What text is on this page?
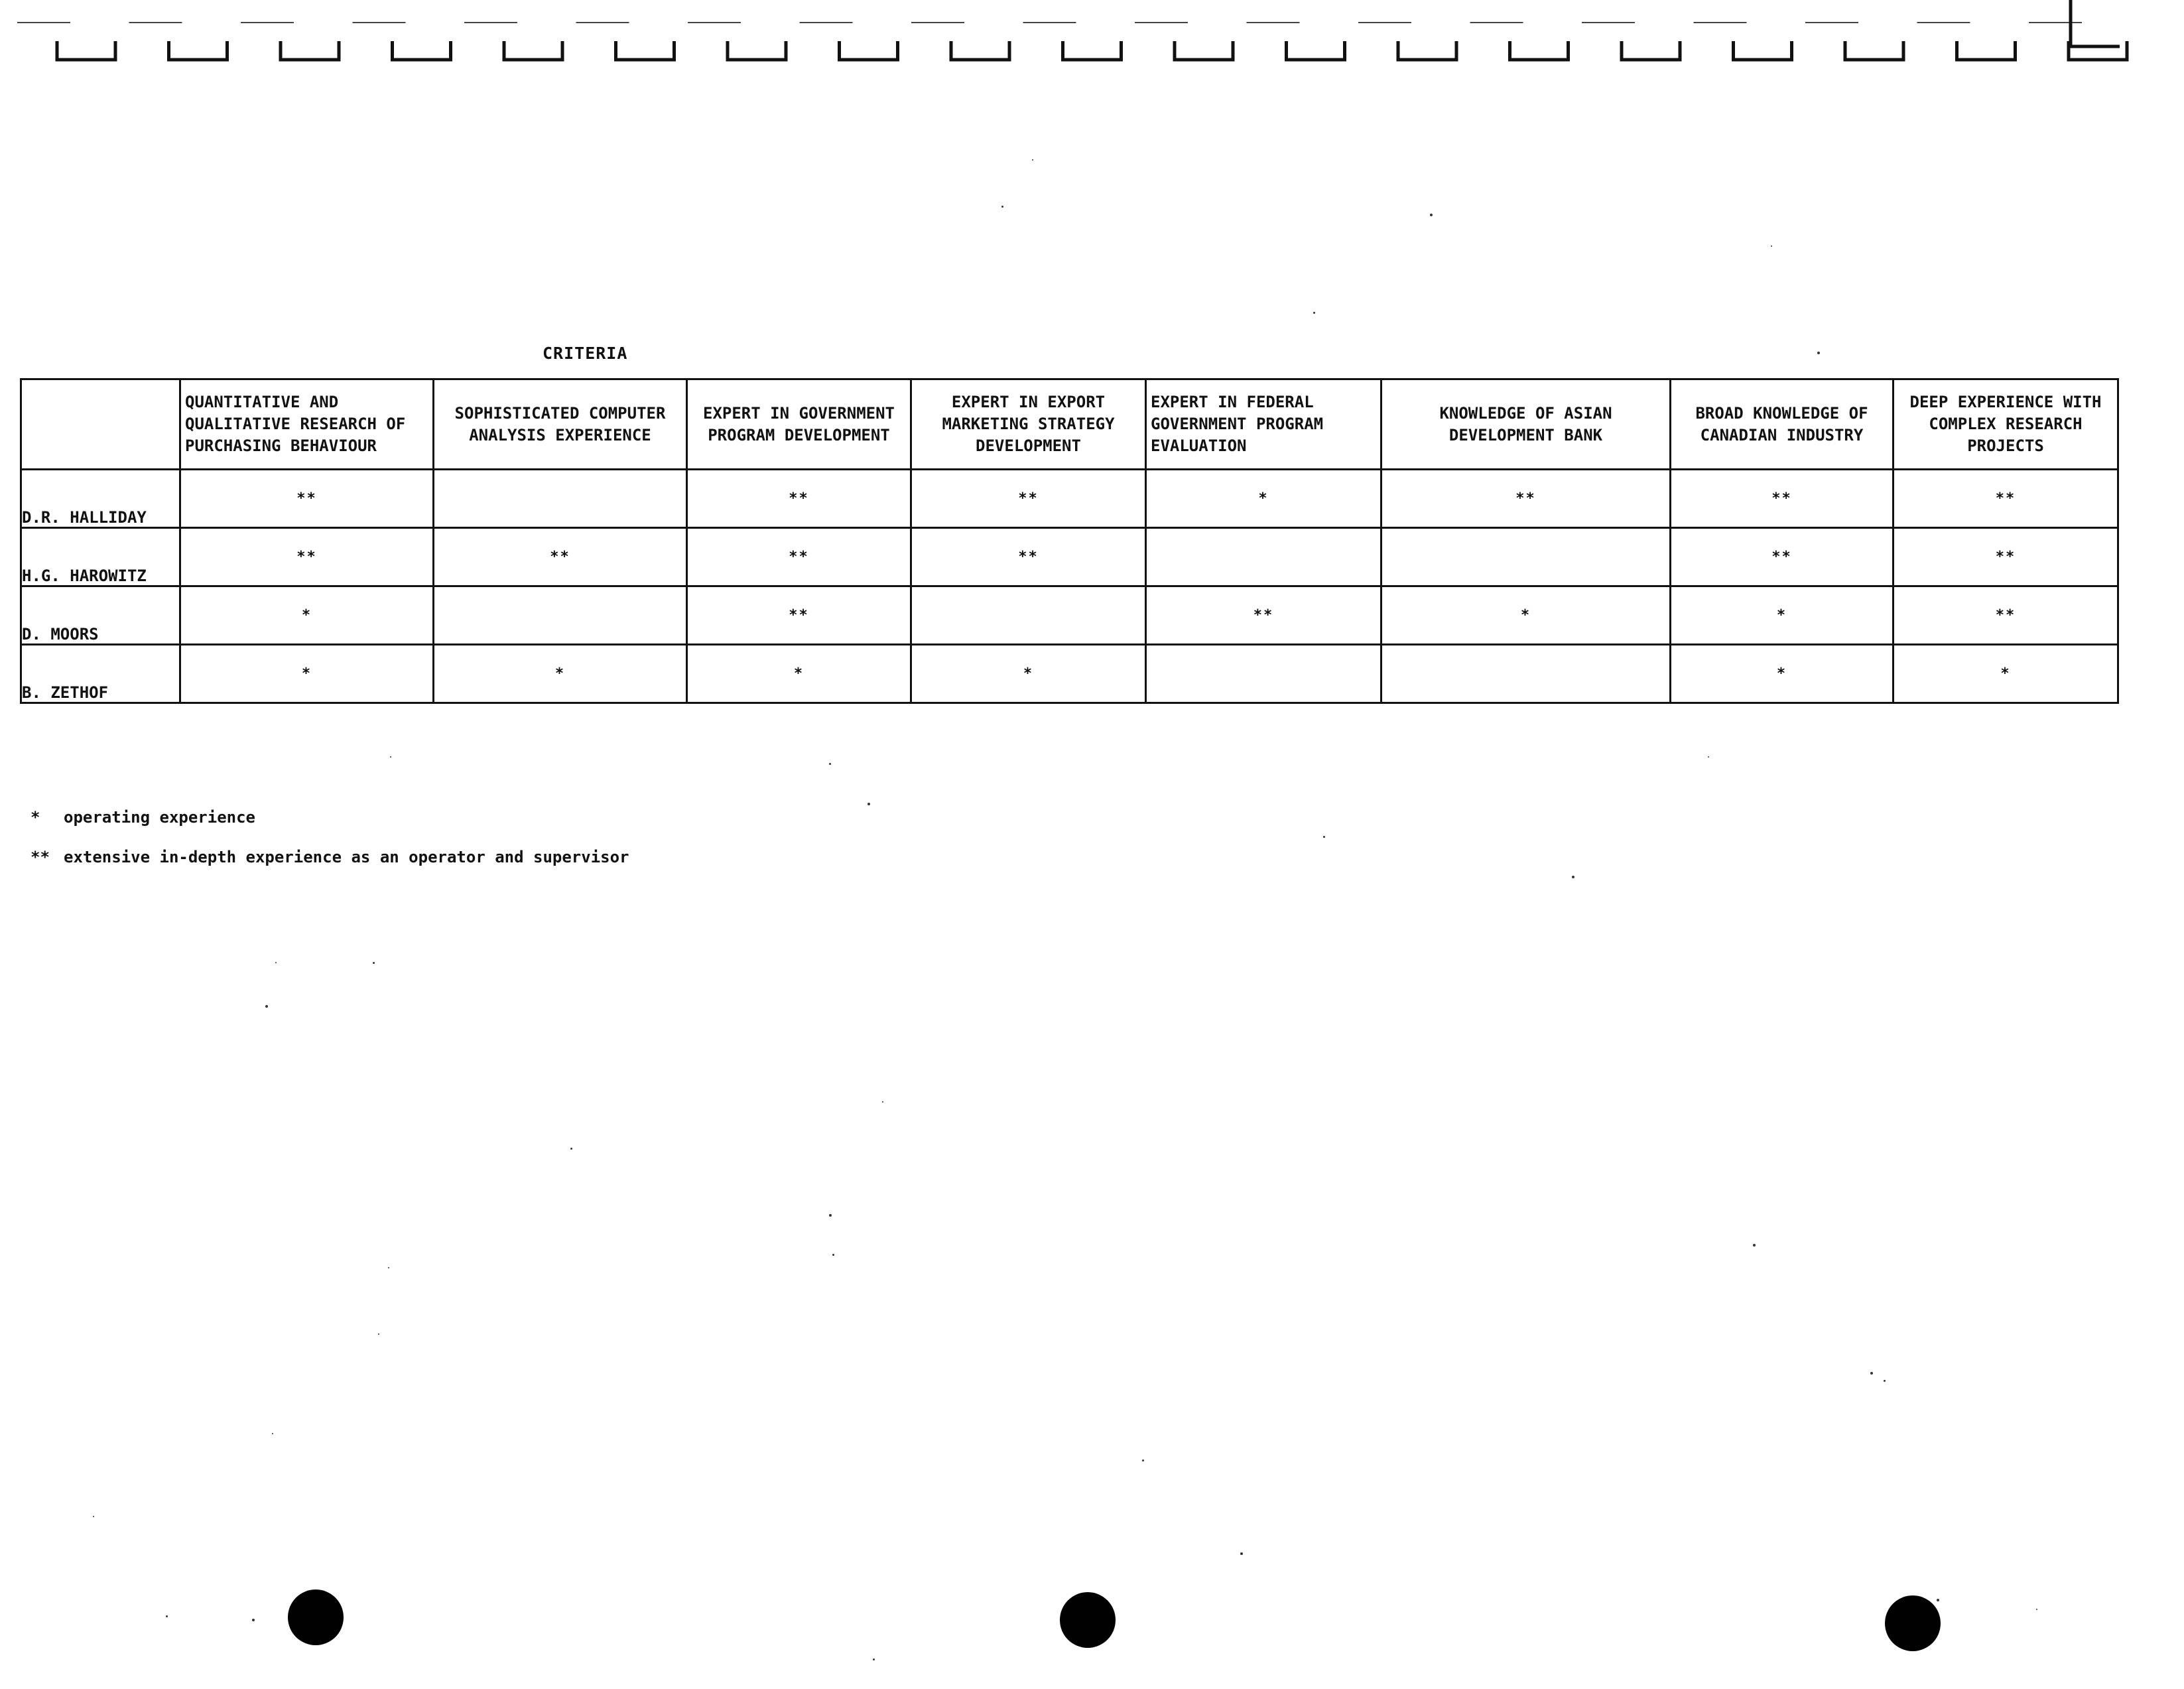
CRITERIA
	QUANTITATIVE AND QUALITATIVE RESEARCH OF PURCHASING BEHAVIOUR	SOPHISTICATED COMPUTER ANALYSIS EXPERIENCE	EXPERT IN GOVERNMENT PROGRAM DEVELOPMENT	EXPERT IN EXPORT MARKETING STRATEGY DEVELOPMENT	EXPERT IN FEDERAL GOVERNMENT PROGRAM EVALUATION	KNOWLEDGE OF ASIAN DEVELOPMENT BANK	BROAD KNOWLEDGE OF CANADIAN INDUSTRY	DEEP EXPERIENCE WITH COMPLEX RESEARCH PROJECTS
D.R. HALLIDAY	**		**	**	*	**	**	**
H.G. HAROWITZ	**	**	**	**			**	**
D. MOORS	*		**		**	*	*	**
B. ZETHOF	*	*	*	*			*	*
* operating experience
** extensive in-depth experience as an operator and supervisor
